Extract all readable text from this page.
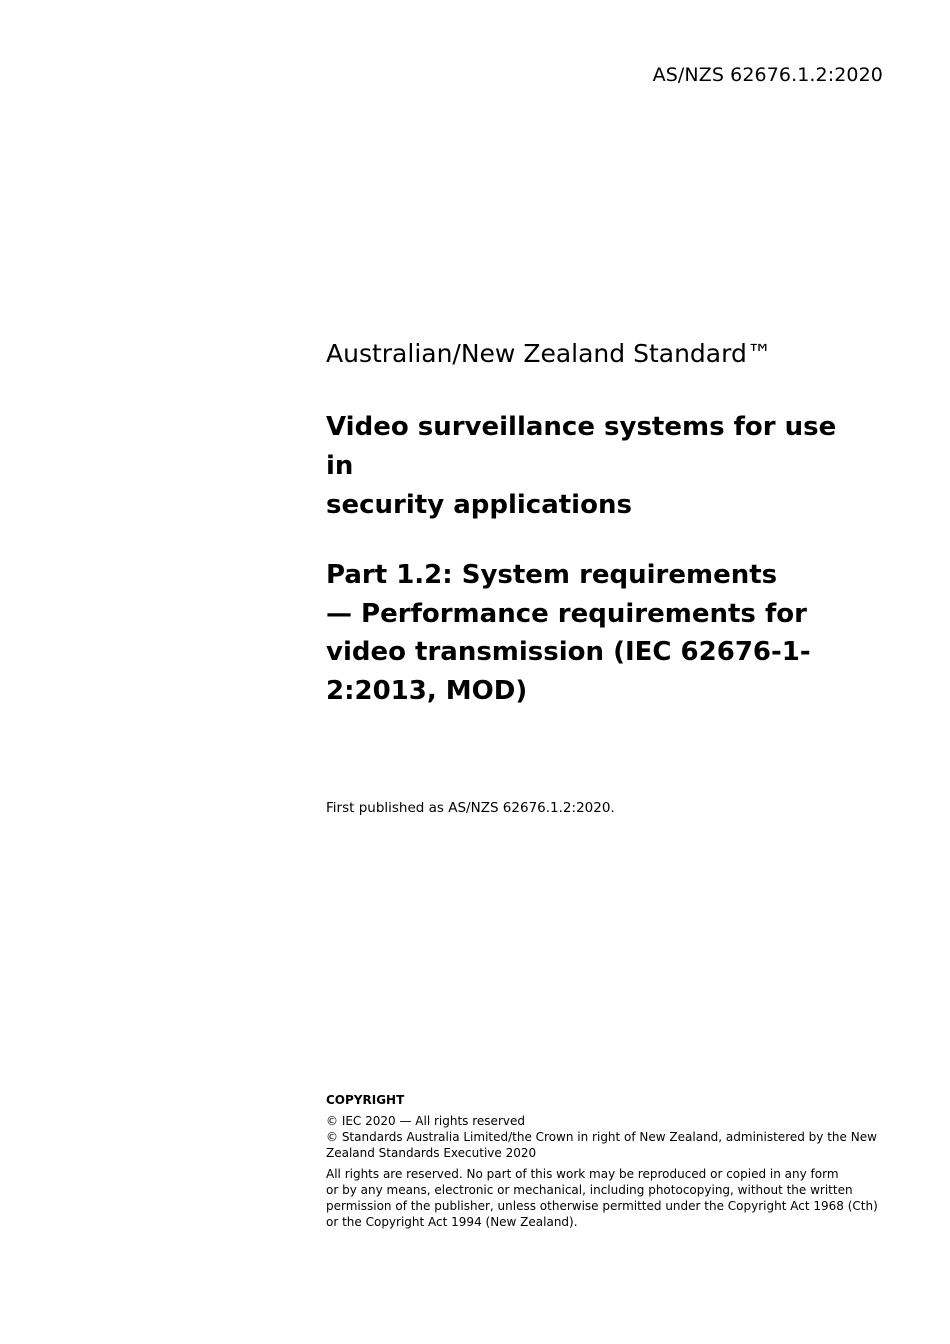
AS/NZS 62676.1.2:2020

Australian/New Zealand Standard™

Video surveillance systems for use in
security applications
Part 1.2: System requirements
— Performance requirements for
video transmission (IEC 62676-1-
2:2013, MOD)

First published as AS/NZS 62676.1.2:2020.

COPYRIGHT

© IEC 2020 — All rights reserved
© Standards Australia Limited/the Crown in right of New Zealand, administered by the New
Zealand Standards Executive 2020

All rights are reserved. No part of this work may be reproduced or copied in any form
or by any means, electronic or mechanical, including photocopying, without the written
permission of the publisher, unless otherwise permitted under the Copyright Act 1968 (Cth)
or the Copyright Act 1994 (New Zealand).
